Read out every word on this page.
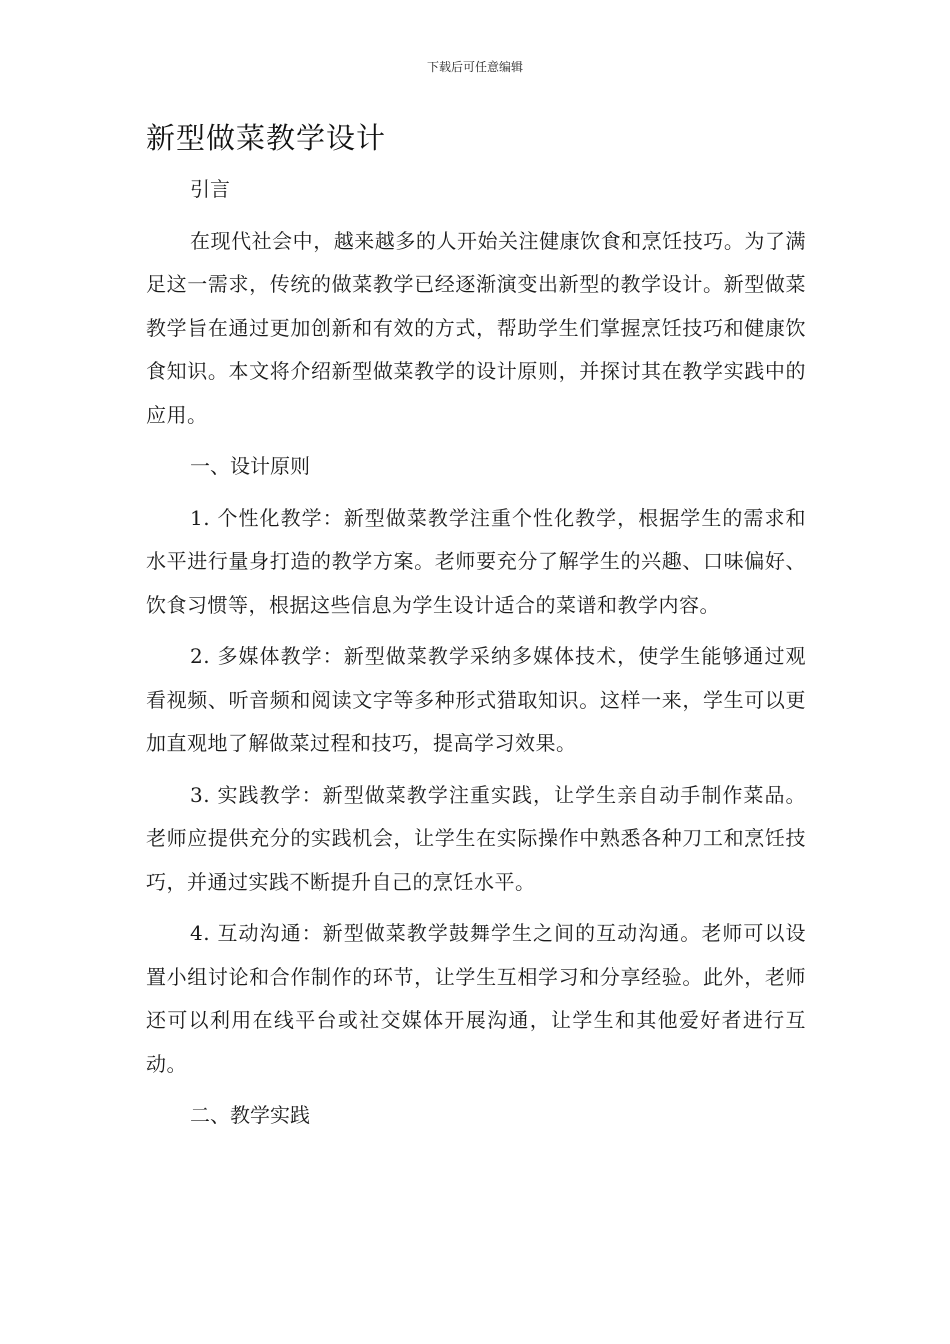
下载后可任意编辑
新型做菜教学设计

引言

在现代社会中，越来越多的人开始关注健康饮食和烹饪技巧。为了满足这一需求，传统的做菜教学已经逐渐演变出新型的教学设计。新型做菜教学旨在通过更加创新和有效的方式，帮助学生们掌握烹饪技巧和健康饮食知识。本文将介绍新型做菜教学的设计原则，并探讨其在教学实践中的应用。

一、设计原则

1. 个性化教学：新型做菜教学注重个性化教学，根据学生的需求和水平进行量身打造的教学方案。老师要充分了解学生的兴趣、口味偏好、饮食习惯等，根据这些信息为学生设计适合的菜谱和教学内容。

2. 多媒体教学：新型做菜教学采纳多媒体技术，使学生能够通过观看视频、听音频和阅读文字等多种形式猎取知识。这样一来，学生可以更加直观地了解做菜过程和技巧，提高学习效果。

3. 实践教学：新型做菜教学注重实践，让学生亲自动手制作菜品。老师应提供充分的实践机会，让学生在实际操作中熟悉各种刀工和烹饪技巧，并通过实践不断提升自己的烹饪水平。

4. 互动沟通：新型做菜教学鼓舞学生之间的互动沟通。老师可以设置小组讨论和合作制作的环节，让学生互相学习和分享经验。此外，老师还可以利用在线平台或社交媒体开展沟通，让学生和其他爱好者进行互动。

二、教学实践
